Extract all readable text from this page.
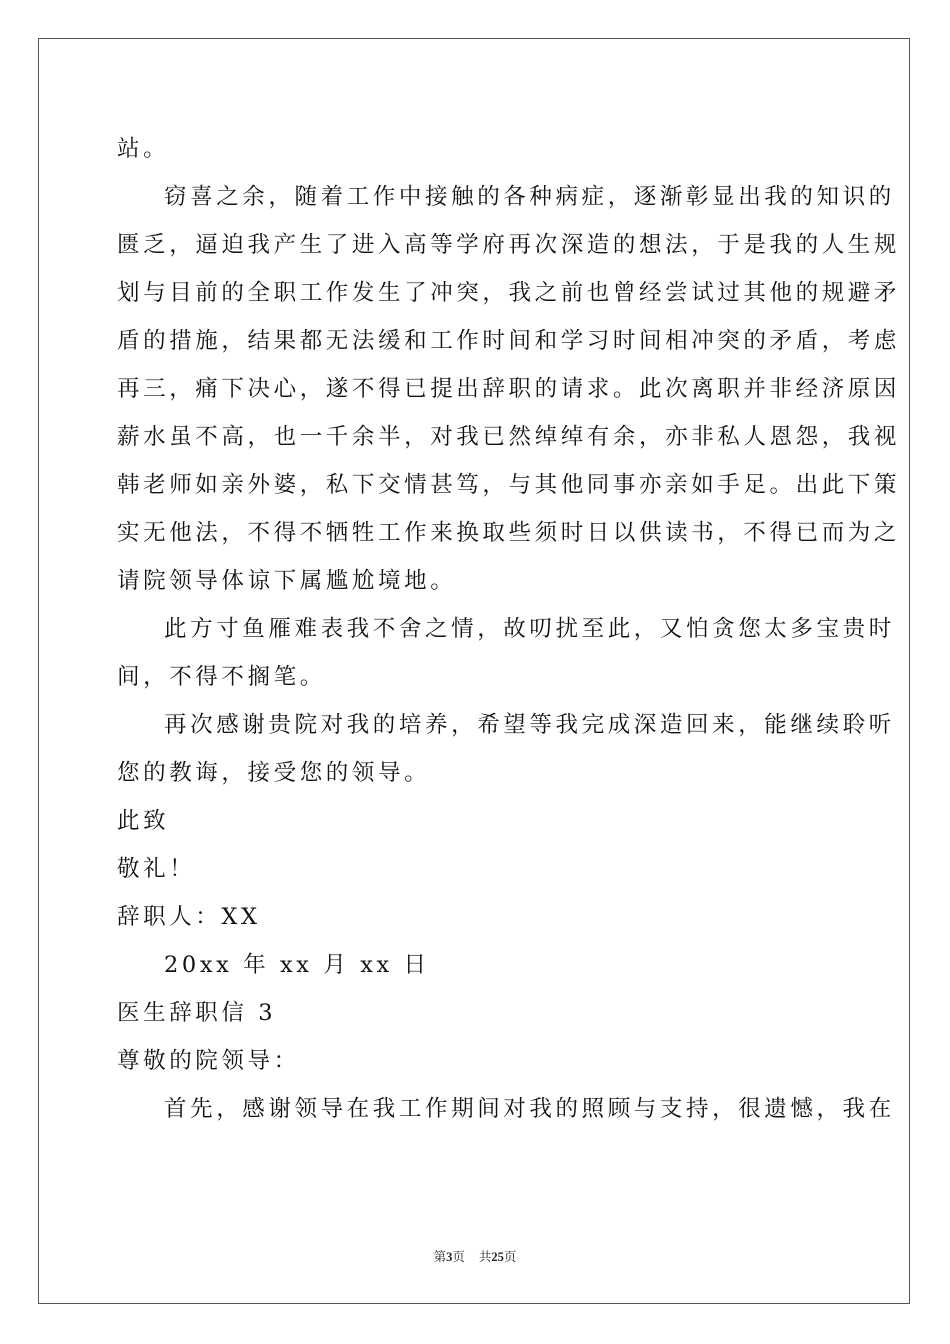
站。
窃喜之余，随着工作中接触的各种病症，逐渐彰显出我的知识的
匮乏，逼迫我产生了进入高等学府再次深造的想法，于是我的人生规
划与目前的全职工作发生了冲突，我之前也曾经尝试过其他的规避矛
盾的措施，结果都无法缓和工作时间和学习时间相冲突的矛盾，考虑
再三，痛下决心，遂不得已提出辞职的请求。此次离职并非经济原因
薪水虽不高，也一千余半，对我已然绰绰有余，亦非私人恩怨，我视
韩老师如亲外婆，私下交情甚笃，与其他同事亦亲如手足。出此下策
实无他法，不得不牺牲工作来换取些须时日以供读书，不得已而为之
请院领导体谅下属尴尬境地。
此方寸鱼雁难表我不舍之情，故叨扰至此，又怕贪您太多宝贵时
间，不得不搁笔。
再次感谢贵院对我的培养，希望等我完成深造回来，能继续聆听
您的教诲，接受您的领导。
此致
敬礼！
辞职人：XX
20xx 年 xx 月 xx 日
医生辞职信 3
尊敬的院领导：
首先，感谢领导在我工作期间对我的照顾与支持，很遗憾，我在
第3页 共25页
